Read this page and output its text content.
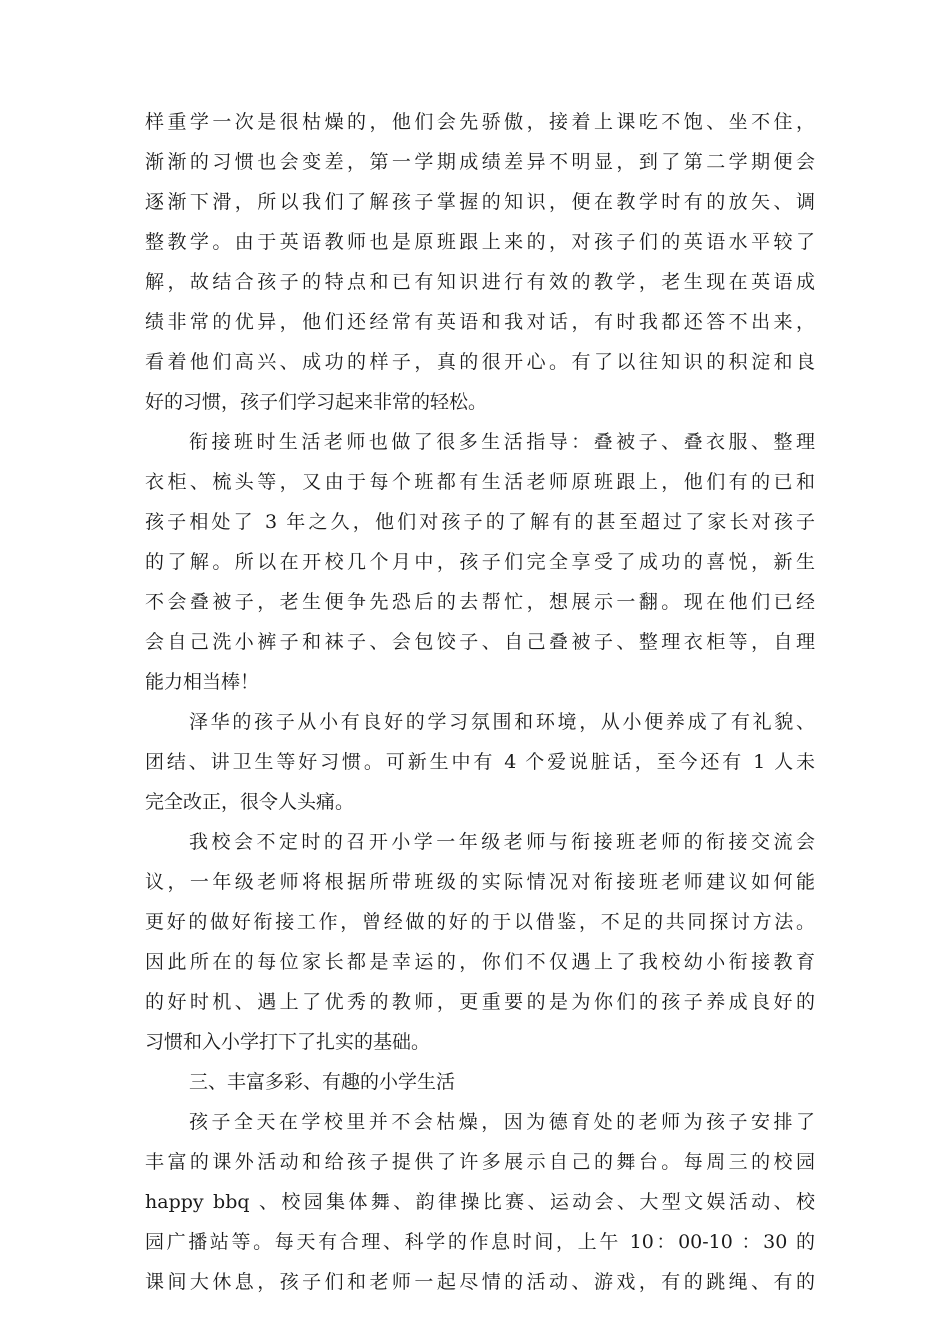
样重学一次是很枯燥的，他们会先骄傲，接着上课吃不饱、坐不住，
渐渐的习惯也会变差，第一学期成绩差异不明显，到了第二学期便会
逐渐下滑，所以我们了解孩子掌握的知识，便在教学时有的放矢、调
整教学。由于英语教师也是原班跟上来的，对孩子们的英语水平较了
解，故结合孩子的特点和已有知识进行有效的教学，老生现在英语成
绩非常的优异，他们还经常有英语和我对话，有时我都还答不出来，
看着他们高兴、成功的样子，真的很开心。有了以往知识的积淀和良
好的习惯，孩子们学习起来非常的轻松。
衔接班时生活老师也做了很多生活指导：叠被子、叠衣服、整理
衣柜、梳头等，又由于每个班都有生活老师原班跟上，他们有的已和
孩子相处了 3 年之久，他们对孩子的了解有的甚至超过了家长对孩子
的了解。所以在开校几个月中，孩子们完全享受了成功的喜悦，新生
不会叠被子，老生便争先恐后的去帮忙，想展示一翻。现在他们已经
会自己洗小裤子和袜子、会包饺子、自己叠被子、整理衣柜等，自理
能力相当棒！
泽华的孩子从小有良好的学习氛围和环境，从小便养成了有礼貌、
团结、讲卫生等好习惯。可新生中有 4 个爱说脏话，至今还有 1 人未
完全改正，很令人头痛。
我校会不定时的召开小学一年级老师与衔接班老师的衔接交流会
议，一年级老师将根据所带班级的实际情况对衔接班老师建议如何能
更好的做好衔接工作，曾经做的好的于以借鉴，不足的共同探讨方法。
因此所在的每位家长都是幸运的，你们不仅遇上了我校幼小衔接教育
的好时机、遇上了优秀的教师，更重要的是为你们的孩子养成良好的
习惯和入小学打下了扎实的基础。
三、丰富多彩、有趣的小学生活
孩子全天在学校里并不会枯燥，因为德育处的老师为孩子安排了
丰富的课外活动和给孩子提供了许多展示自己的舞台。每周三的校园
happy bbq 、校园集体舞、韵律操比赛、运动会、大型文娱活动、校
园广播站等。每天有合理、科学的作息时间，上午 10：00-10 ：30 的
课间大休息，孩子们和老师一起尽情的活动、游戏，有的跳绳、有的
